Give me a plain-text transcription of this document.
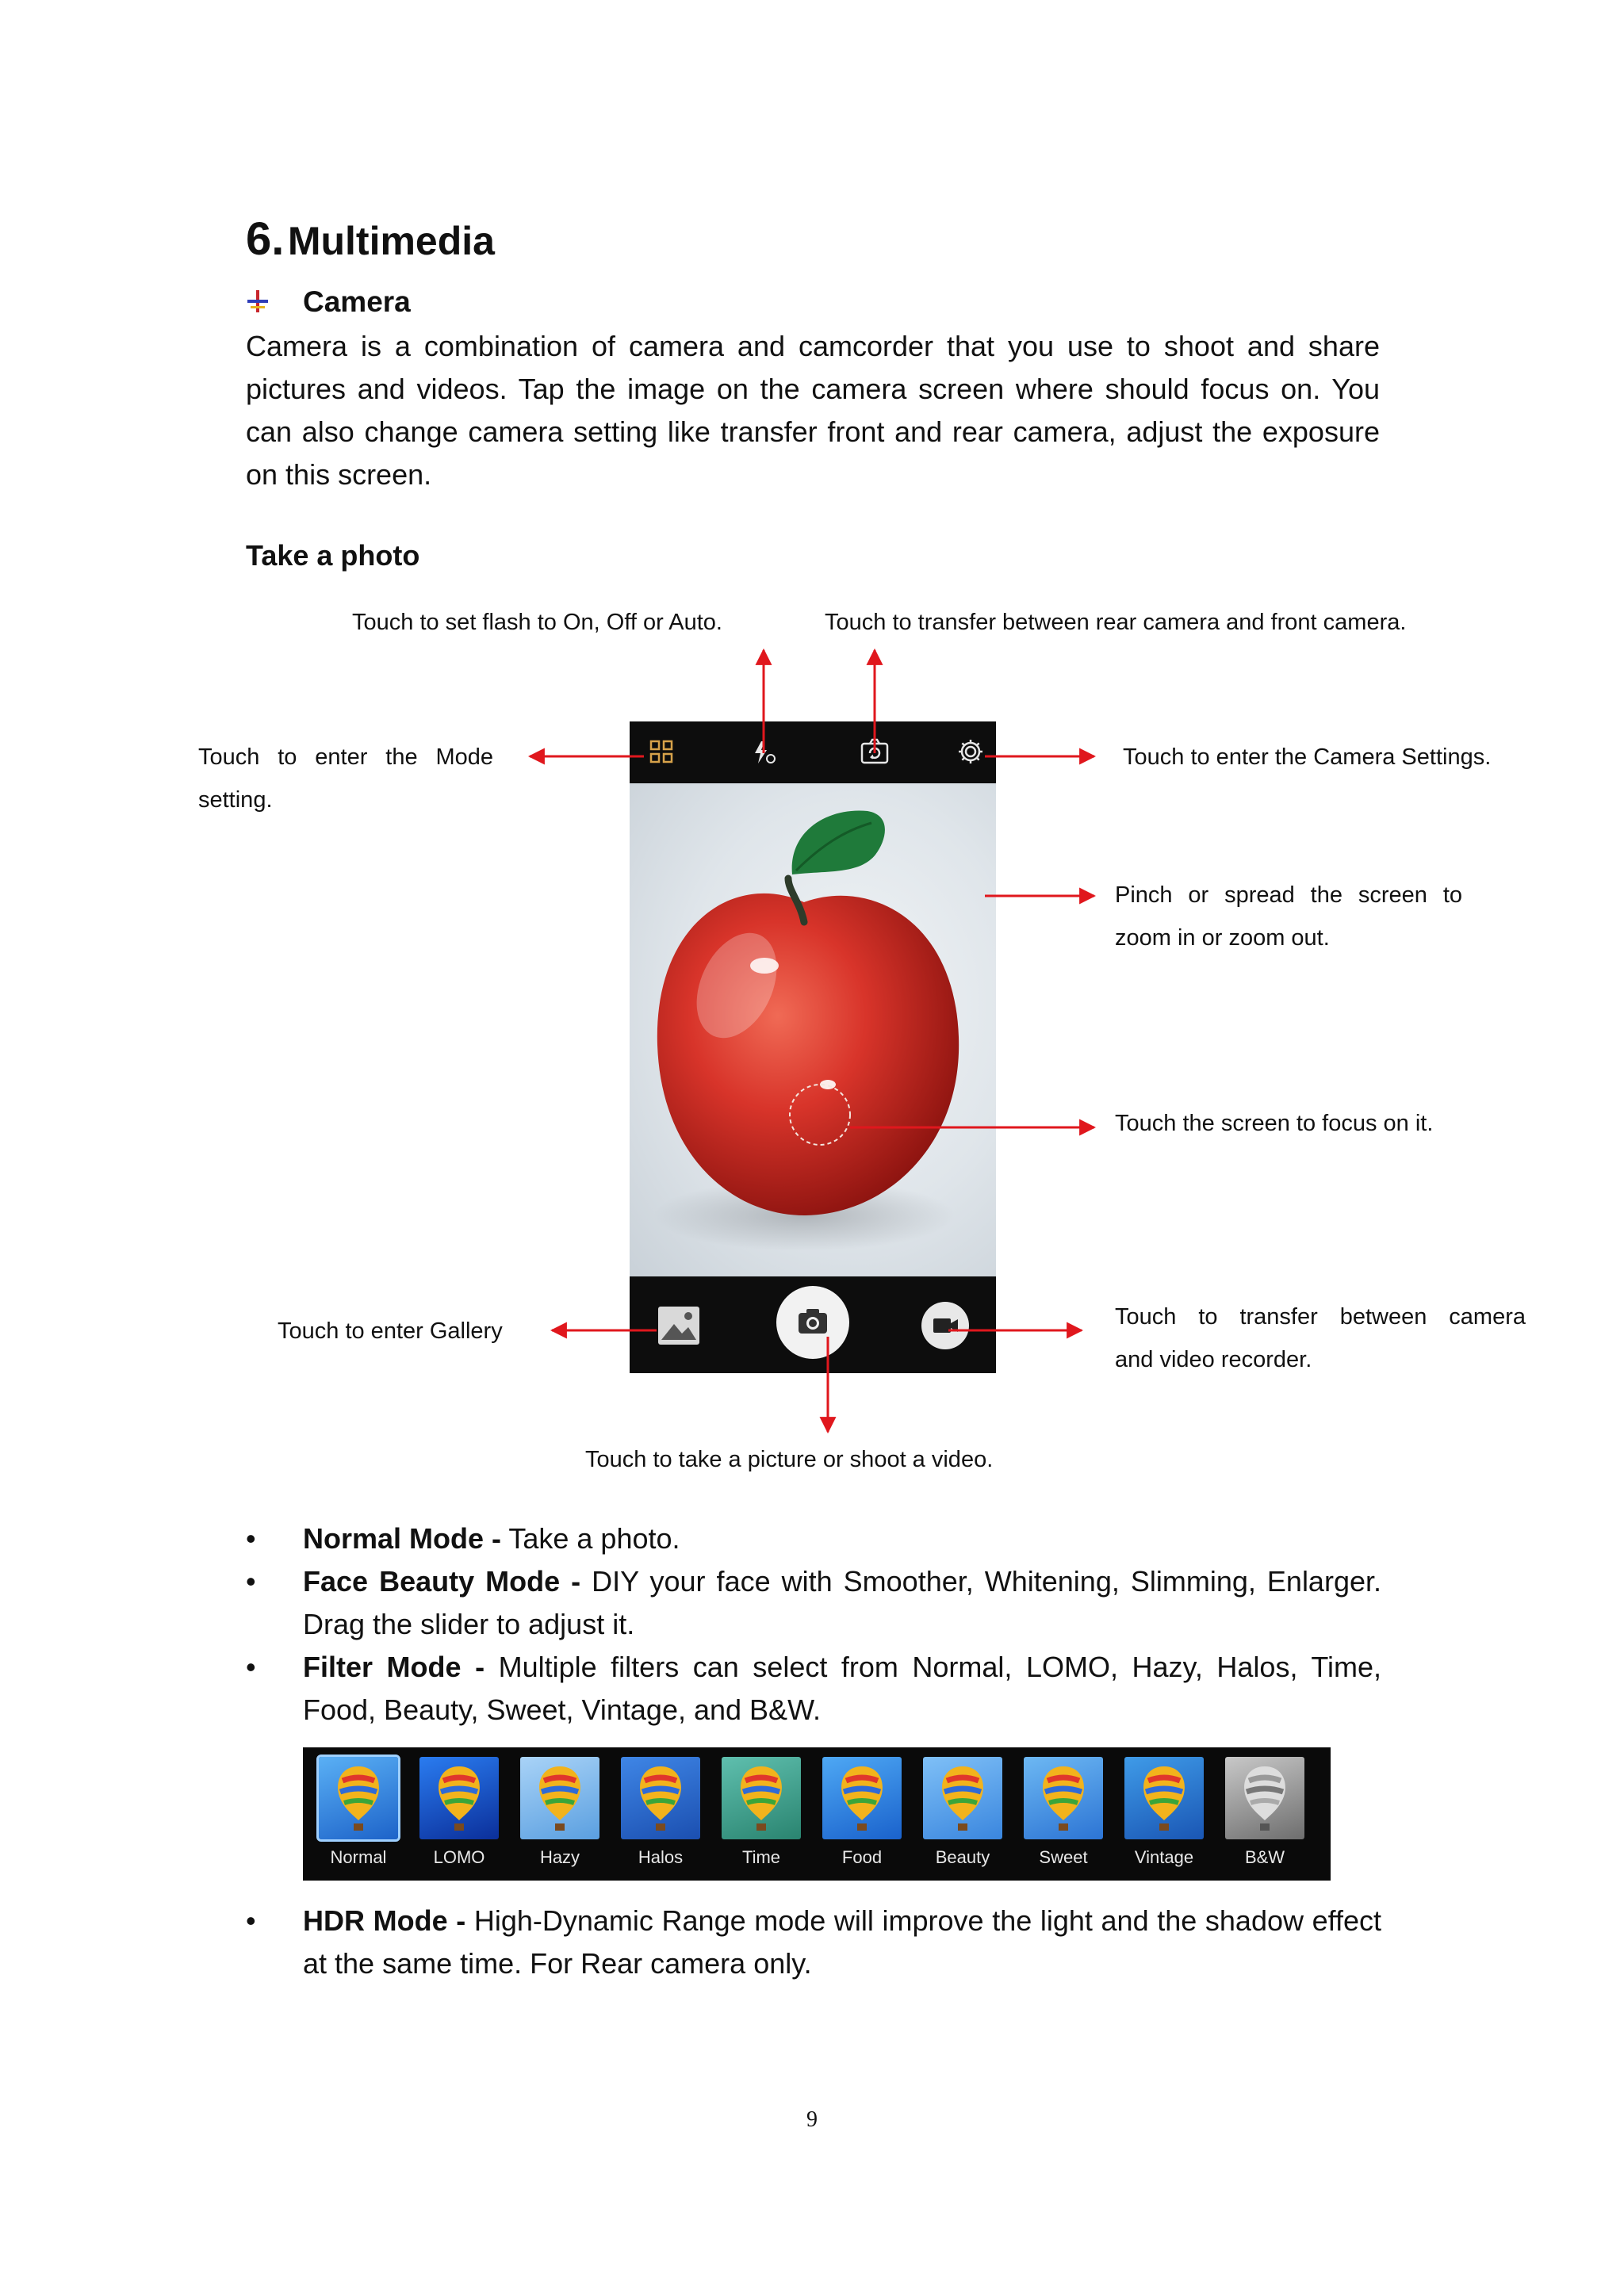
6. Multimedia
Camera

Camera is a combination of camera and camcorder that you use to shoot and share pictures and videos. Tap the image on the camera screen where should focus on. You can also change camera setting like transfer front and rear camera, adjust the exposure on this screen.

Take a photo
Touch to set flash to On, Off or Auto.	Touch to transfer between rear camera and front camera.
Touch to enter the Mode
setting.
Touch to enter the Camera Settings.
Pinch or spread the screen to
zoom in or zoom out.
Touch the screen to focus on it.
Touch to enter Gallery
Touch to transfer between camera
and video recorder.
Touch to take a picture or shoot a video.
• Normal Mode - Take a photo.
• Face Beauty Mode - DIY your face with Smoother, Whitening, Slimming, Enlarger. Drag the slider to adjust it.
• Filter Mode - Multiple filters can select from Normal, LOMO, Hazy, Halos, Time, Food, Beauty, Sweet, Vintage, and B&W.
Normal	LOMO	Hazy	Halos	Time	Food	Beauty	Sweet	Vintage	B&W
• HDR Mode - High-Dynamic Range mode will improve the light and the shadow effect at the same time. For Rear camera only.
9
